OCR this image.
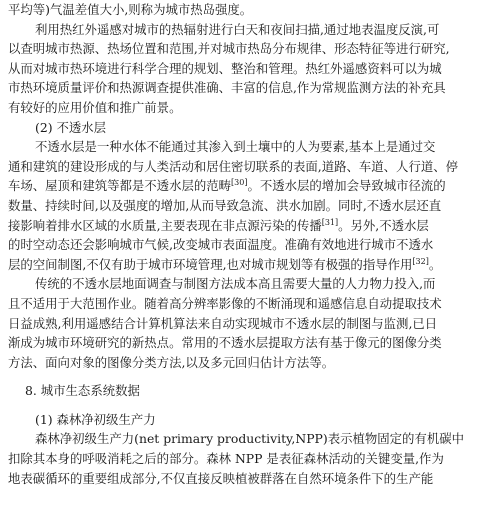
平均等)气温差值大小,则称为城市热岛强度。
利用热红外遥感对城市的热辐射进行白天和夜间扫描,通过地表温度反演,可
以查明城市热源、热场位置和范围,并对城市热岛分布规律、形态特征等进行研究,
从而对城市热环境进行科学合理的规划、整治和管理。热红外遥感资料可以为城
市热环境质量评价和热源调查提供准确、丰富的信息,作为常规监测方法的补充具
有较好的应用价值和推广前景。
(2) 不透水层
不透水层是一种水体不能通过其渗入到土壤中的人为要素,基本上是通过交
通和建筑的建设形成的与人类活动和居住密切联系的表面,道路、车道、人行道、停
车场、屋顶和建筑等都是不透水层的范畴[30]。不透水层的增加会导致城市径流的
数量、持续时间,以及强度的增加,从而导致急流、洪水加剧。同时,不透水层还直
接影响着排水区域的水质量,主要表现在非点源污染的传播[31]。另外,不透水层
的时空动态还会影响城市气候,改变城市表面温度。准确有效地进行城市不透水
层的空间制图,不仅有助于城市环境管理,也对城市规划等有极强的指导作用[32]。
传统的不透水层地面调查与制图方法成本高且需要大量的人力物力投入,而
且不适用于大范围作业。随着高分辨率影像的不断涌现和遥感信息自动提取技术
日益成熟,利用遥感结合计算机算法来自动实现城市不透水层的制图与监测,已日
渐成为城市环境研究的新热点。常用的不透水层提取方法有基于像元的图像分类
方法、面向对象的图像分类方法,以及多元回归估计方法等。
8. 城市生态系统数据
(1) 森林净初级生产力
森林净初级生产力(net primary productivity,NPP)表示植物固定的有机碳中
扣除其本身的呼吸消耗之后的部分。森林 NPP 是表征森林活动的关键变量,作为
地表碳循环的重要组成部分,不仅直接反映植被群落在自然环境条件下的生产能
